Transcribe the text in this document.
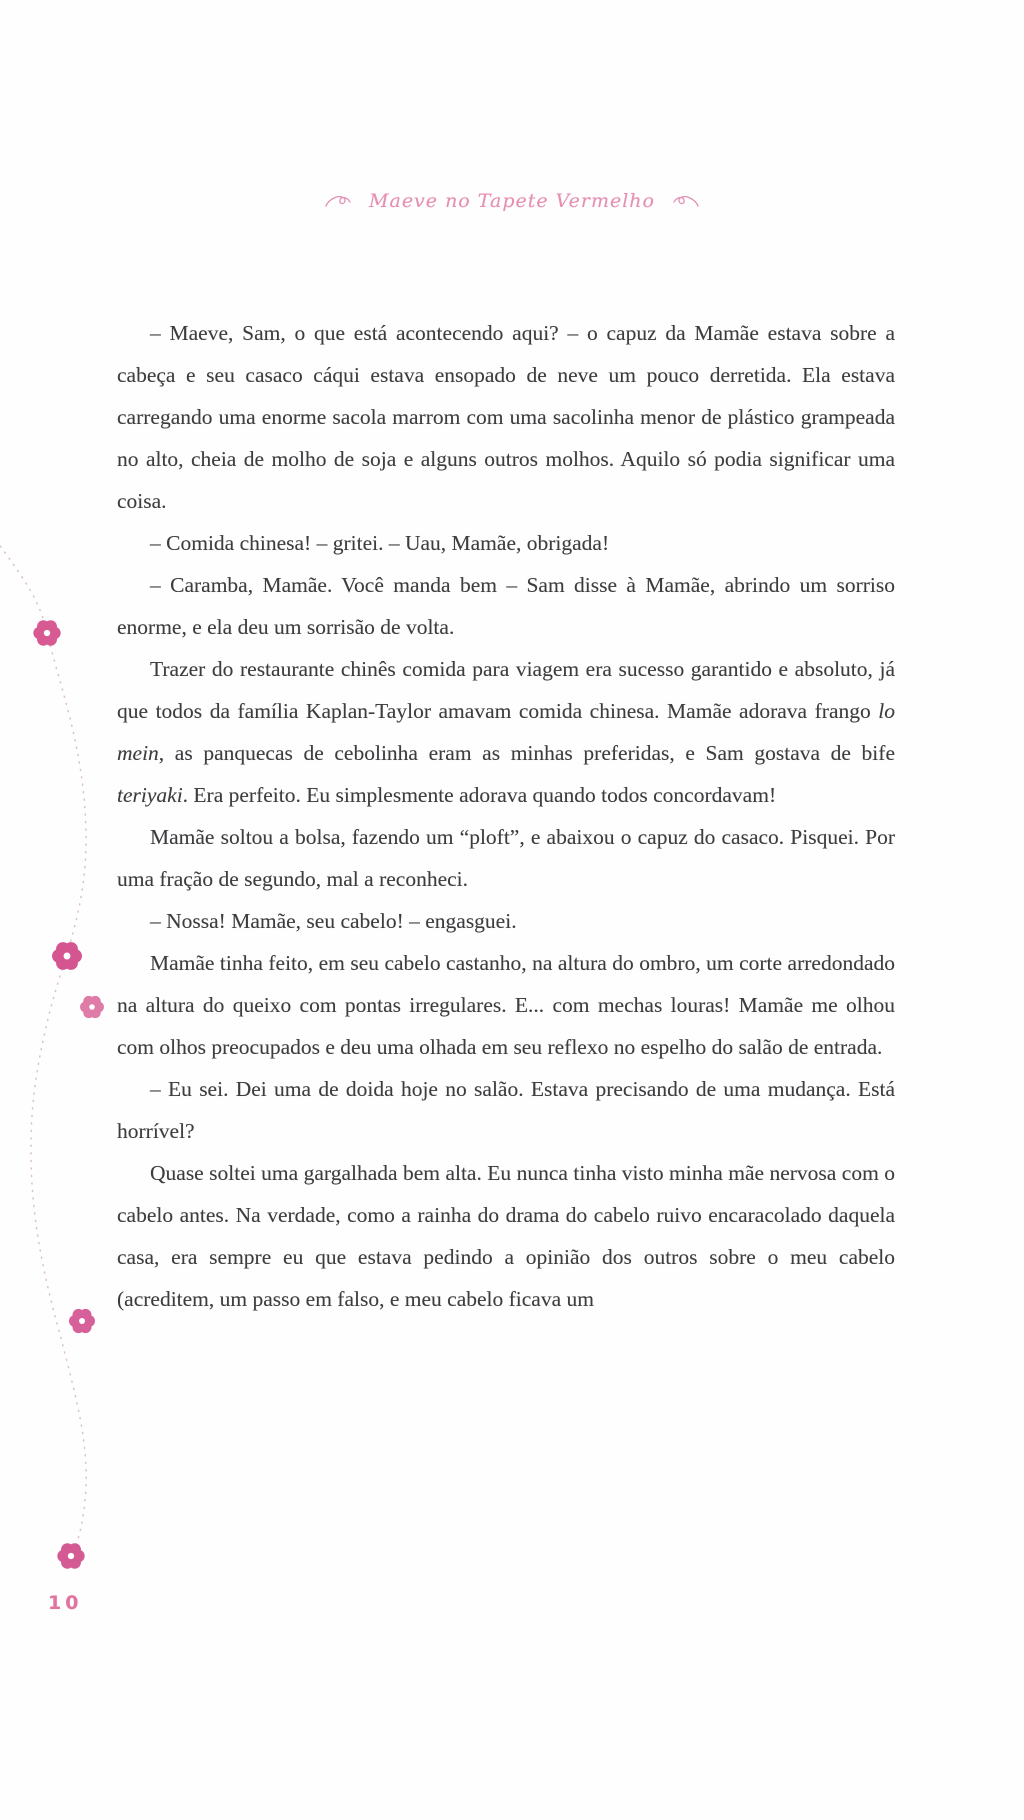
Maeve no Tapete Vermelho

– Maeve, Sam, o que está acontecendo aqui? – o capuz da Mamãe estava sobre a cabeça e seu casaco cáqui estava ensopado de neve um pouco derretida. Ela estava carregando uma enorme sacola marrom com uma sacolinha menor de plástico grampeada no alto, cheia de molho de soja e alguns outros molhos. Aquilo só podia significar uma coisa.

– Comida chinesa! – gritei. – Uau, Mamãe, obrigada!

– Caramba, Mamãe. Você manda bem – Sam disse à Mamãe, abrindo um sorriso enorme, e ela deu um sorrisão de volta.

Trazer do restaurante chinês comida para viagem era sucesso garantido e absoluto, já que todos da família Kaplan-Taylor amavam comida chinesa. Mamãe adorava frango lo mein, as panquecas de cebolinha eram as minhas preferidas, e Sam gostava de bife teriyaki. Era perfeito. Eu simplesmente adorava quando todos concordavam!

Mamãe soltou a bolsa, fazendo um “ploft”, e abaixou o capuz do casaco. Pisquei. Por uma fração de segundo, mal a reconheci.

– Nossa! Mamãe, seu cabelo! – engasguei.

Mamãe tinha feito, em seu cabelo castanho, na altura do ombro, um corte arredondado na altura do queixo com pontas irregulares. E... com mechas louras! Mamãe me olhou com olhos preocupados e deu uma olhada em seu reflexo no espelho do salão de entrada.

– Eu sei. Dei uma de doida hoje no salão. Estava precisando de uma mudança. Está horrível?

Quase soltei uma gargalhada bem alta. Eu nunca tinha visto minha mãe nervosa com o cabelo antes. Na verdade, como a rainha do drama do cabelo ruivo encaracolado daquela casa, era sempre eu que estava pedindo a opinião dos outros sobre o meu cabelo (acreditem, um passo em falso, e meu cabelo ficava um

10
